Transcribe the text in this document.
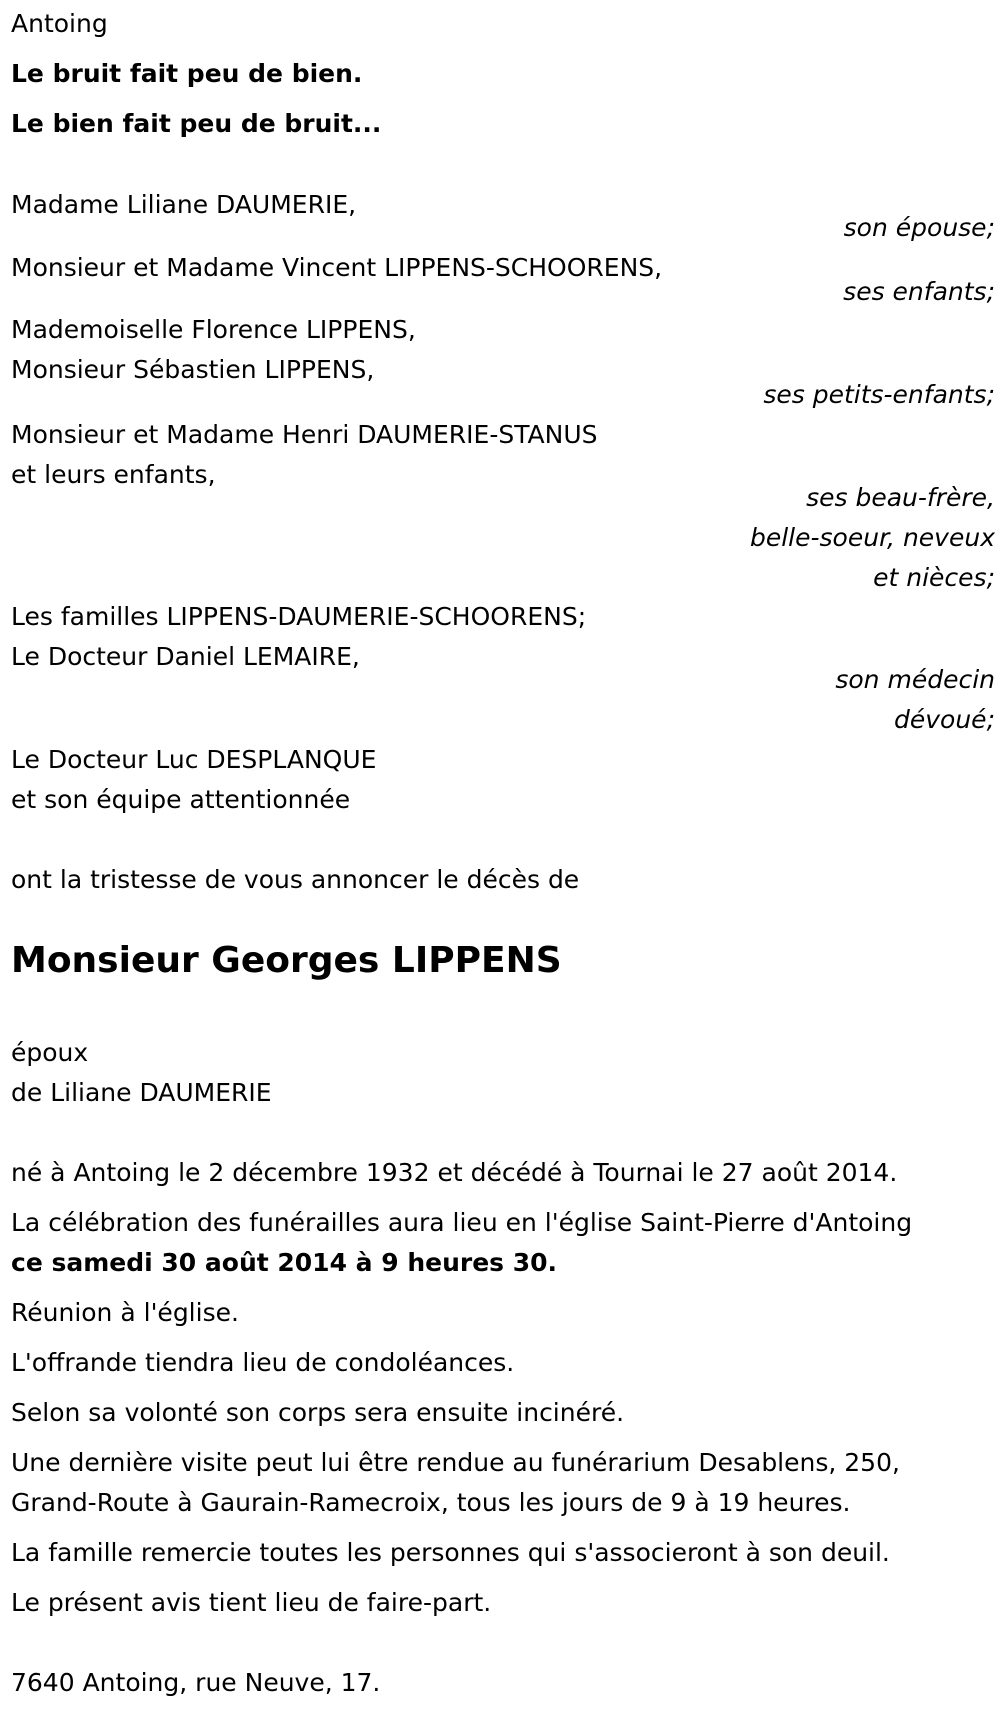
Antoing
Le bruit fait peu de bien.
Le bien fait peu de bruit...
Madame Liliane DAUMERIE,
son épouse;
Monsieur et Madame Vincent LIPPENS-SCHOORENS,
ses enfants;
Mademoiselle Florence LIPPENS,
Monsieur Sébastien LIPPENS,
ses petits-enfants;
Monsieur et Madame Henri DAUMERIE-STANUS
et leurs enfants,
ses beau-frère,
belle-soeur, neveux
et nièces;
Les familles LIPPENS-DAUMERIE-SCHOORENS;
Le Docteur Daniel LEMAIRE,
son médecin
dévoué;
Le Docteur Luc DESPLANQUE
et son équipe attentionnée
ont la tristesse de vous annoncer le décès de
Monsieur Georges LIPPENS
époux
de Liliane DAUMERIE
né à Antoing le 2 décembre 1932 et décédé à Tournai le 27 août 2014.
La célébration des funérailles aura lieu en l'église Saint-Pierre d'Antoing
ce samedi 30 août 2014 à 9 heures 30.
Réunion à l'église.
L'offrande tiendra lieu de condoléances.
Selon sa volonté son corps sera ensuite incinéré.
Une dernière visite peut lui être rendue au funérarium Desablens, 250,
Grand-Route à Gaurain-Ramecroix, tous les jours de 9 à 19 heures.
La famille remercie toutes les personnes qui s'associeront à son deuil.
Le présent avis tient lieu de faire-part.
7640 Antoing, rue Neuve, 17.
